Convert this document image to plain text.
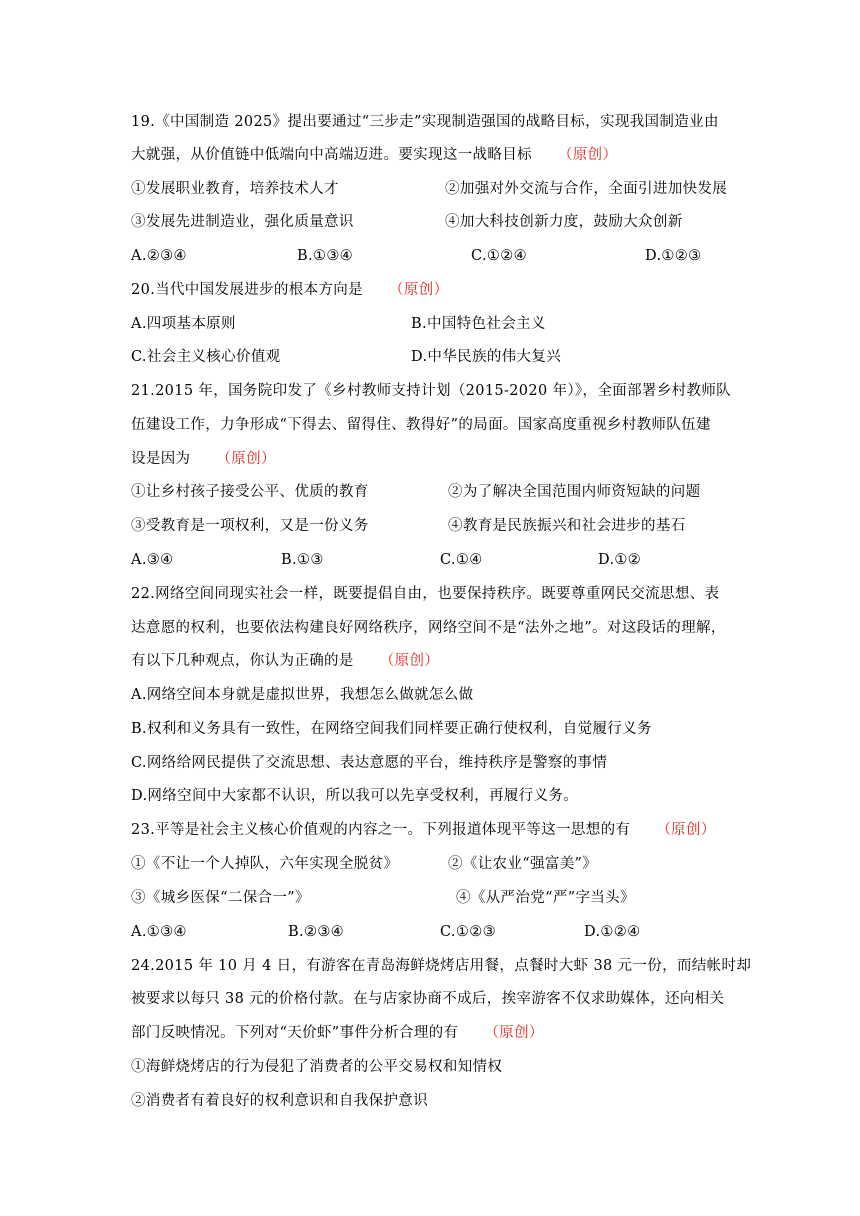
19.《中国制造 2025》提出要通过“三步走”实现制造强国的战略目标，实现我国制造业由
大就强，从价值链中低端向中高端迈进。要实现这一战略目标 （原创）
①发展职业教育，培养技术人才	②加强对外交流与合作，全面引进加快发展
③发展先进制造业，强化质量意识	④加大科技创新力度，鼓励大众创新
A.②③④	B.①③④	C.①②④	D.①②③
20.当代中国发展进步的根本方向是 （原创）
A.四项基本原则	B.中国特色社会主义
C.社会主义核心价值观	D.中华民族的伟大复兴
21.2015 年，国务院印发了《乡村教师支持计划（2015-2020 年）》，全面部署乡村教师队
伍建设工作，力争形成“下得去、留得住、教得好”的局面。国家高度重视乡村教师队伍建
设是因为 （原创）
①让乡村孩子接受公平、优质的教育	②为了解决全国范围内师资短缺的问题
③受教育是一项权利，又是一份义务	④教育是民族振兴和社会进步的基石
A.③④	B.①③	C.①④	D.①②
22.网络空间同现实社会一样，既要提倡自由，也要保持秩序。既要尊重网民交流思想、表
达意愿的权利，也要依法构建良好网络秩序，网络空间不是“法外之地”。对这段话的理解，
有以下几种观点，你认为正确的是 （原创）
A.网络空间本身就是虚拟世界，我想怎么做就怎么做
B.权利和义务具有一致性，在网络空间我们同样要正确行使权利，自觉履行义务
C.网络给网民提供了交流思想、表达意愿的平台，维持秩序是警察的事情
D.网络空间中大家都不认识，所以我可以先享受权利，再履行义务。
23.平等是社会主义核心价值观的内容之一。下列报道体现平等这一思想的有 （原创）
①《不让一个人掉队，六年实现全脱贫》	②《让农业“强富美”》
③《城乡医保“二保合一”》	④《从严治党“严”字当头》
A.①③④	B.②③④	C.①②③	D.①②④
24.2015 年 10 月 4 日，有游客在青岛海鲜烧烤店用餐，点餐时大虾 38 元一份，而结帐时却
被要求以每只 38 元的价格付款。在与店家协商不成后，挨宰游客不仅求助媒体，还向相关
部门反映情况。下列对“天价虾”事件分析合理的有 （原创）
①海鲜烧烤店的行为侵犯了消费者的公平交易权和知情权
②消费者有着良好的权利意识和自我保护意识
